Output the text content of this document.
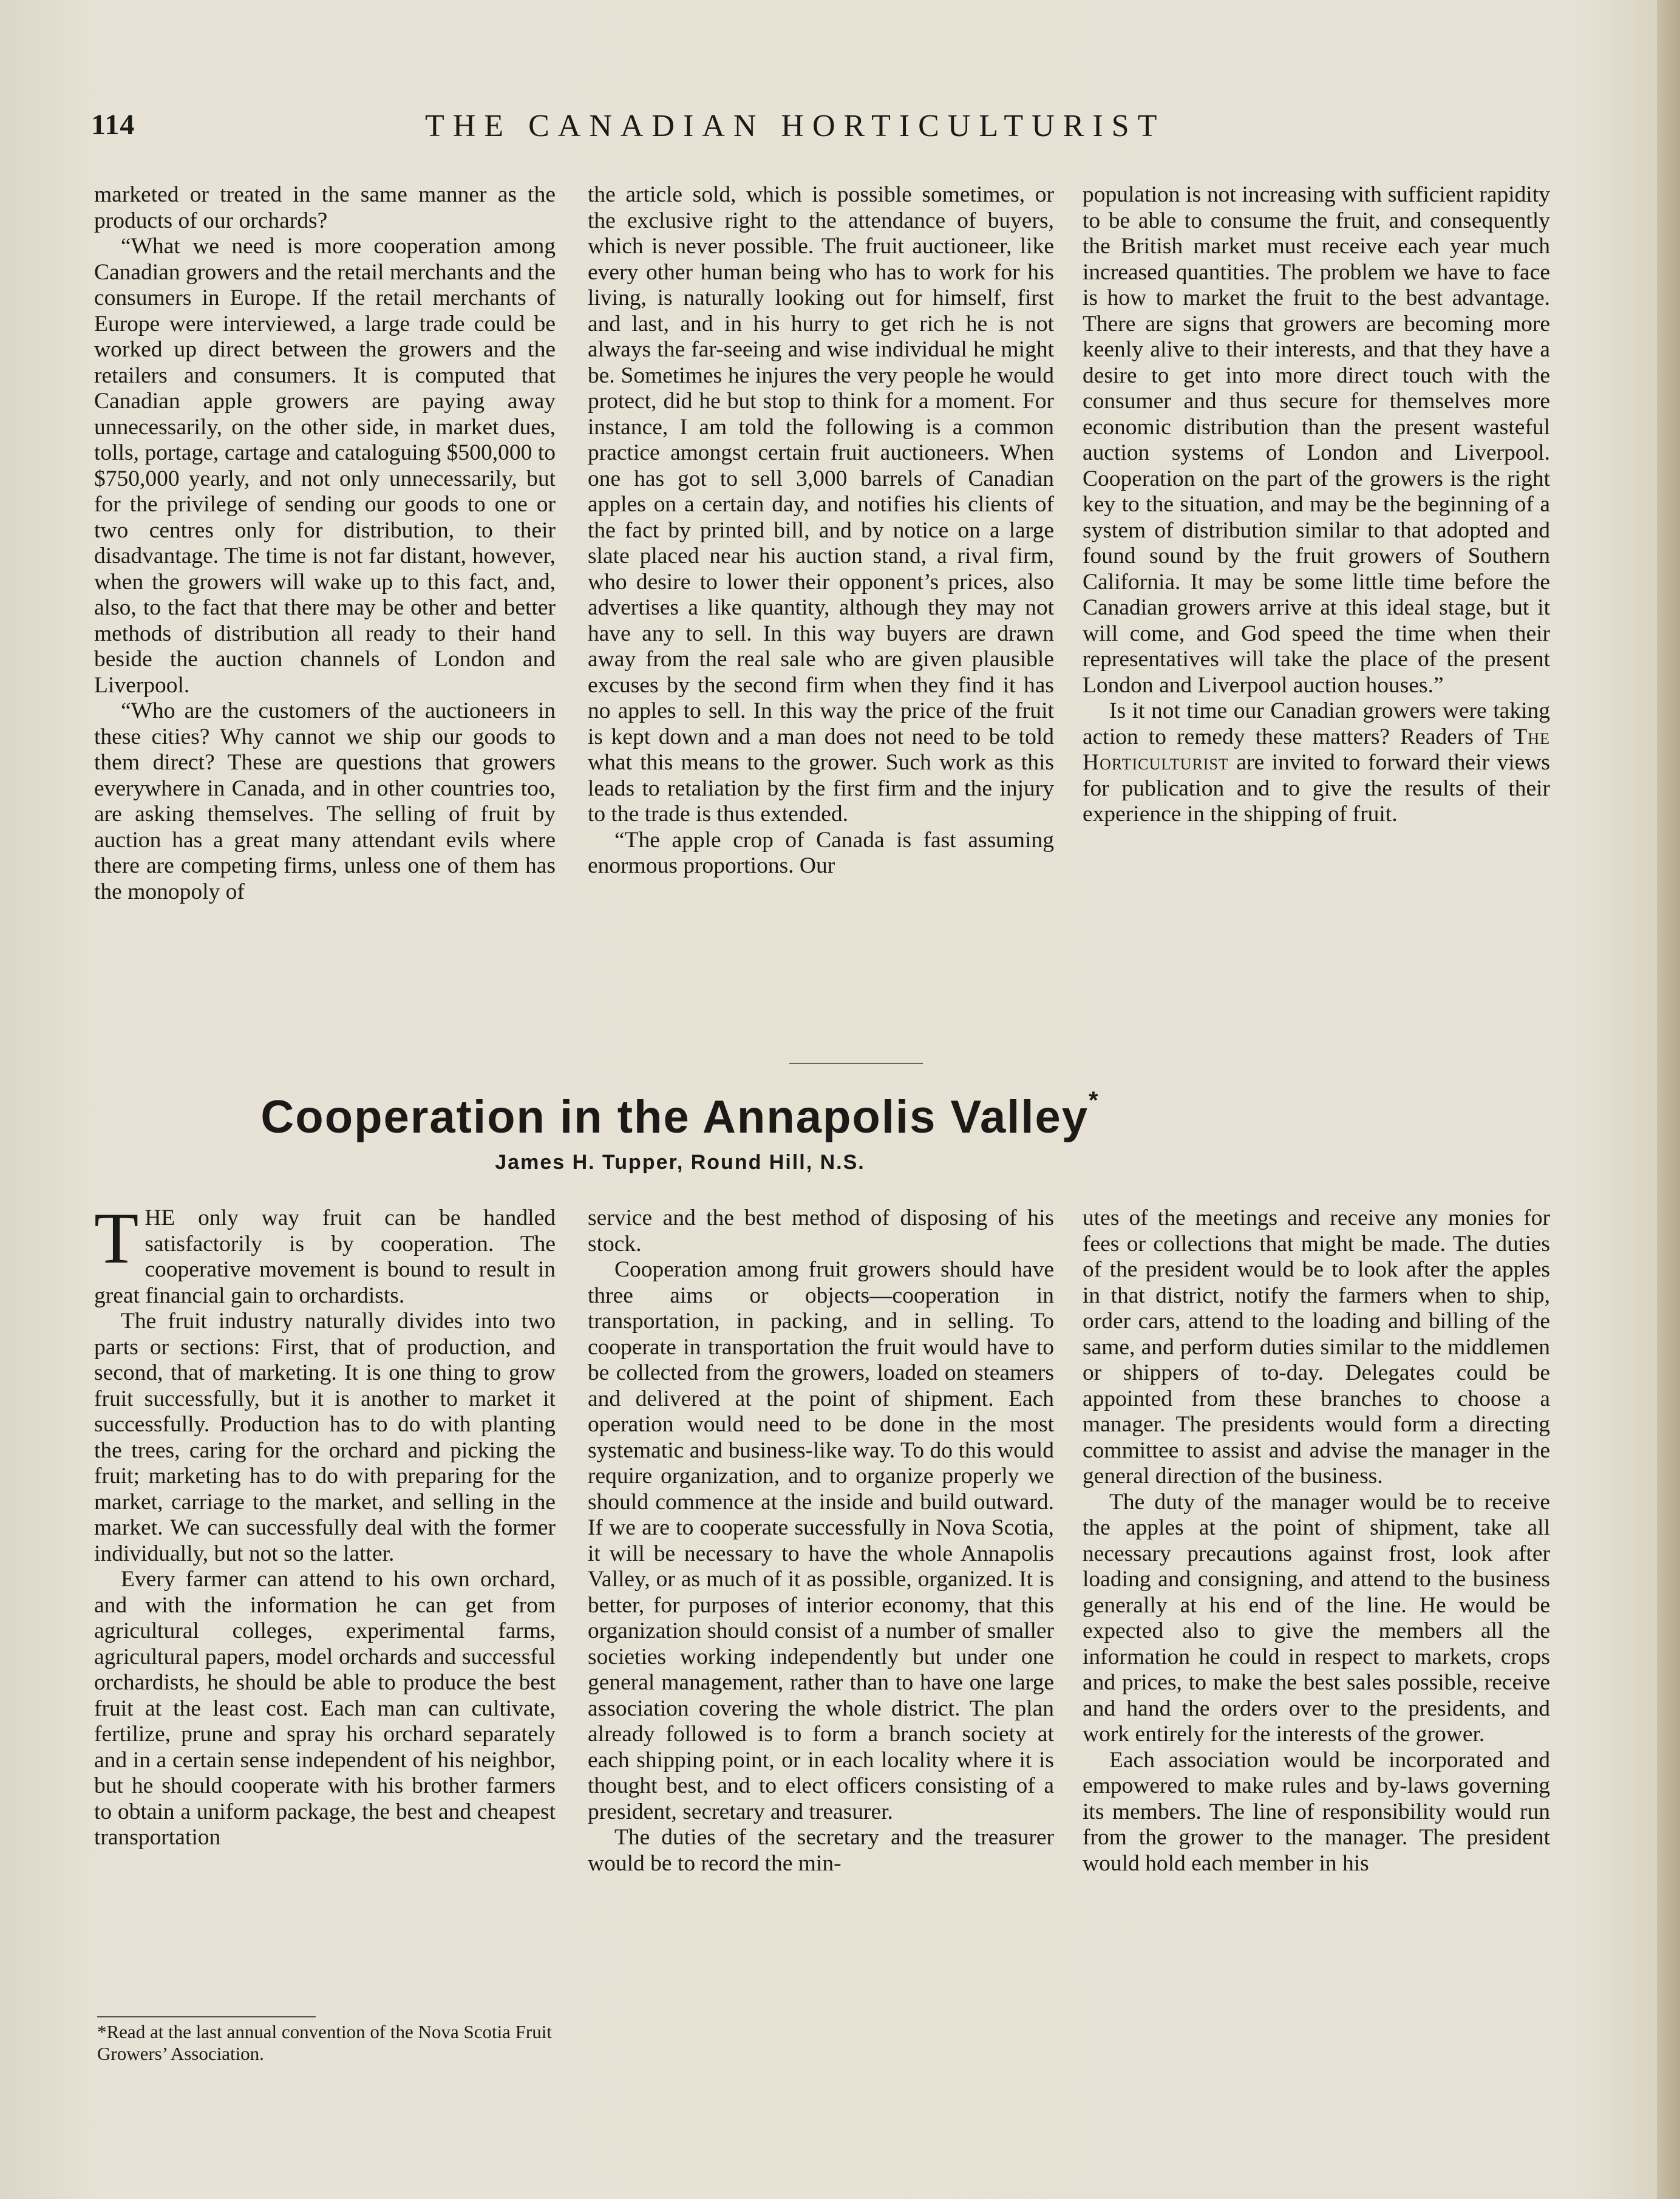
114	THE CANADIAN HORTICULTURIST

marketed or treated in the same manner as the products of our orchards?

“What we need is more cooperation among Canadian growers and the retail merchants and the consumers in Europe. If the retail merchants of Europe were interviewed, a large trade could be worked up direct between the growers and the retailers and consumers. It is computed that Canadian apple growers are paying away unnecessarily, on the other side, in market dues, tolls, portage, cartage and cataloguing $500,000 to $750,000 yearly, and not only unnecessarily, but for the privilege of sending our goods to one or two centres only for distribution, to their disadvantage. The time is not far distant, however, when the growers will wake up to this fact, and, also, to the fact that there may be other and better methods of distribution all ready to their hand beside the auction channels of London and Liverpool.

“Who are the customers of the auctioneers in these cities? Why cannot we ship our goods to them direct? These are questions that growers everywhere in Canada, and in other countries too, are asking themselves. The selling of fruit by auction has a great many attendant evils where there are competing firms, unless one of them has the monopoly of

the article sold, which is possible sometimes, or the exclusive right to the attendance of buyers, which is never possible. The fruit auctioneer, like every other human being who has to work for his living, is naturally looking out for himself, first and last, and in his hurry to get rich he is not always the far-seeing and wise individual he might be. Sometimes he injures the very people he would protect, did he but stop to think for a moment. For instance, I am told the following is a common practice amongst certain fruit auctioneers. When one has got to sell 3,000 barrels of Canadian apples on a certain day, and notifies his clients of the fact by printed bill, and by notice on a large slate placed near his auction stand, a rival firm, who desire to lower their opponent’s prices, also advertises a like quantity, although they may not have any to sell. In this way buyers are drawn away from the real sale who are given plausible excuses by the second firm when they find it has no apples to sell. In this way the price of the fruit is kept down and a man does not need to be told what this means to the grower. Such work as this leads to retaliation by the first firm and the injury to the trade is thus extended.

“The apple crop of Canada is fast assuming enormous proportions. Our

population is not increasing with sufficient rapidity to be able to consume the fruit, and consequently the British market must receive each year much increased quantities. The problem we have to face is how to market the fruit to the best advantage. There are signs that growers are becoming more keenly alive to their interests, and that they have a desire to get into more direct touch with the consumer and thus secure for themselves more economic distribution than the present wasteful auction systems of London and Liverpool. Cooperation on the part of the growers is the right key to the situation, and may be the beginning of a system of distribution similar to that adopted and found sound by the fruit growers of Southern California. It may be some little time before the Canadian growers arrive at this ideal stage, but it will come, and God speed the time when their representatives will take the place of the present London and Liverpool auction houses.”

Is it not time our Canadian growers were taking action to remedy these matters? Readers of The Horticulturist are invited to forward their views for publication and to give the results of their experience in the shipping of fruit.

Cooperation in the Annapolis Valley*
James H. Tupper, Round Hill, N.S.

THE only way fruit can be handled satisfactorily is by cooperation. The cooperative movement is bound to result in great financial gain to orchardists.

The fruit industry naturally divides into two parts or sections: First, that of production, and second, that of marketing. It is one thing to grow fruit successfully, but it is another to market it successfully. Production has to do with planting the trees, caring for the orchard and picking the fruit; marketing has to do with preparing for the market, carriage to the market, and selling in the market. We can successfully deal with the former individually, but not so the latter.

Every farmer can attend to his own orchard, and with the information he can get from agricultural colleges, experimental farms, agricultural papers, model orchards and successful orchardists, he should be able to produce the best fruit at the least cost. Each man can cultivate, fertilize, prune and spray his orchard separately and in a certain sense independent of his neighbor, but he should cooperate with his brother farmers to obtain a uniform package, the best and cheapest transportation

service and the best method of disposing of his stock.

Cooperation among fruit growers should have three aims or objects—cooperation in transportation, in packing, and in selling. To cooperate in transportation the fruit would have to be collected from the growers, loaded on steamers and delivered at the point of shipment. Each operation would need to be done in the most systematic and business-like way. To do this would require organization, and to organize properly we should commence at the inside and build outward. If we are to cooperate successfully in Nova Scotia, it will be necessary to have the whole Annapolis Valley, or as much of it as possible, organized. It is better, for purposes of interior economy, that this organization should consist of a number of smaller societies working independently but under one general management, rather than to have one large association covering the whole district. The plan already followed is to form a branch society at each shipping point, or in each locality where it is thought best, and to elect officers consisting of a president, secretary and treasurer.

The duties of the secretary and the treasurer would be to record the min-

utes of the meetings and receive any monies for fees or collections that might be made. The duties of the president would be to look after the apples in that district, notify the farmers when to ship, order cars, attend to the loading and billing of the same, and perform duties similar to the middlemen or shippers of to-day. Delegates could be appointed from these branches to choose a manager. The presidents would form a directing committee to assist and advise the manager in the general direction of the business.

The duty of the manager would be to receive the apples at the point of shipment, take all necessary precautions against frost, look after loading and consigning, and attend to the business generally at his end of the line. He would be expected also to give the members all the information he could in respect to markets, crops and prices, to make the best sales possible, receive and hand the orders over to the presidents, and work entirely for the interests of the grower.

Each association would be incorporated and empowered to make rules and by-laws governing its members. The line of responsibility would run from the grower to the manager. The president would hold each member in his

*Read at the last annual convention of the Nova Scotia Fruit Growers’ Association.
